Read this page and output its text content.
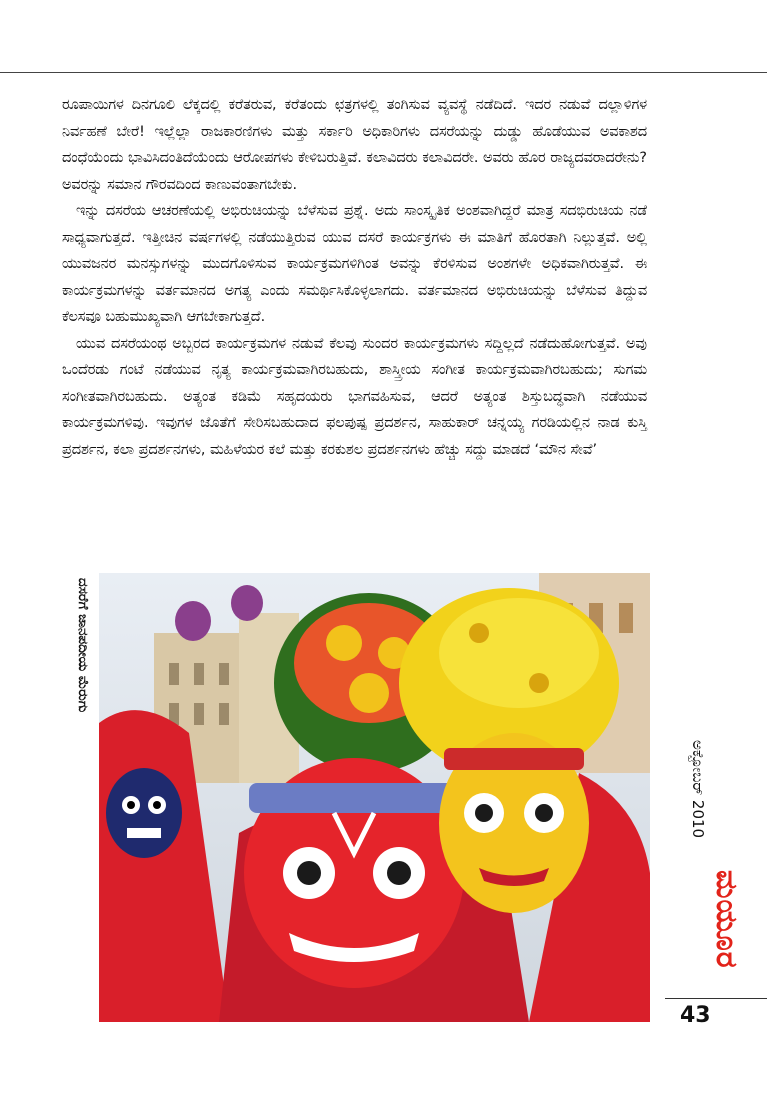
ರೂಪಾಯಿಗಳ ದಿನಗೂಲಿ ಲೆಕ್ಕದಲ್ಲಿ ಕರೆತರುವ, ಕರೆತಂದು ಛತ್ರಗಳಲ್ಲಿ ತಂಗಿಸುವ ವ್ಯವಸ್ಥೆ ನಡೆದಿದೆ. ಇದರ ನಡುವೆ ದಲ್ಲಾಳಿಗಳ ನಿರ್ವಹಣೆ ಬೇರೆ! ಇಲ್ಲೆಲ್ಲಾ ರಾಜಕಾರಣಿಗಳು ಮತ್ತು ಸರ್ಕಾರಿ ಅಧಿಕಾರಿಗಳು ದಸರೆಯನ್ನು ದುಡ್ಡು ಹೊಡೆಯುವ ಅವಕಾಶದ ದಂಧೆಯೆಂದು ಭಾವಿಸಿದಂತಿದೆಯೆಂದು ಆರೋಪಗಳು ಕೇಳಿಬರುತ್ತಿವೆ. ಕಲಾವಿದರು ಕಲಾವಿದರೇ. ಅವರು ಹೊರ ರಾಜ್ಯದವರಾದರೇನು? ಅವರನ್ನು ಸಮಾನ ಗೌರವದಿಂದ ಕಾಣುವಂತಾಗಬೇಕು.

ಇನ್ನು ದಸರೆಯ ಆಚರಣೆಯಲ್ಲಿ ಅಭಿರುಚಿಯನ್ನು ಬೆಳೆಸುವ ಪ್ರಶ್ನೆ. ಅದು ಸಾಂಸ್ಕೃತಿಕ ಅಂಶವಾಗಿದ್ದರೆ ಮಾತ್ರ ಸದಭಿರುಚಿಯ ನಡೆ ಸಾಧ್ಯವಾಗುತ್ತದೆ. ಇತ್ತೀಚಿನ ವರ್ಷಗಳಲ್ಲಿ ನಡೆಯುತ್ತಿರುವ ಯುವ ದಸರೆ ಕಾರ್ಯಕ್ರಗಳು ಈ ಮಾತಿಗೆ ಹೊರತಾಗಿ ನಿಲ್ಲುತ್ತವೆ. ಅಲ್ಲಿ ಯುವಜನರ ಮನಸ್ಸುಗಳನ್ನು ಮುದಗೊಳಿಸುವ ಕಾರ್ಯಕ್ರಮಗಳಿಗಿಂತ ಅವನ್ನು ಕೆರಳಿಸುವ ಅಂಶಗಳೇ ಅಧಿಕವಾಗಿರುತ್ತವೆ. ಈ ಕಾರ್ಯಕ್ರಮಗಳನ್ನು ವರ್ತಮಾನದ ಅಗತ್ಯ ಎಂದು ಸಮರ್ಥಿಸಿಕೊಳ್ಳಲಾಗದು. ವರ್ತಮಾನದ ಅಭಿರುಚಿಯನ್ನು ಬೆಳೆಸುವ ತಿದ್ದುವ ಕೆಲಸವೂ ಬಹುಮುಖ್ಯವಾಗಿ ಆಗಬೇಕಾಗುತ್ತದೆ.

ಯುವ ದಸರೆಯಂಥ ಅಬ್ಬರದ ಕಾರ್ಯಕ್ರಮಗಳ ನಡುವೆ ಕೆಲವು ಸುಂದರ ಕಾರ್ಯಕ್ರಮಗಳು ಸದ್ದಿಲ್ಲದೆ ನಡೆದುಹೋಗುತ್ತವೆ. ಅವು ಒಂದೆರಡು ಗಂಟೆ ನಡೆಯುವ ನೃತ್ಯ ಕಾರ್ಯಕ್ರಮವಾಗಿರಬಹುದು, ಶಾಸ್ತ್ರೀಯ ಸಂಗೀತ ಕಾರ್ಯಕ್ರಮವಾಗಿರಬಹುದು; ಸುಗಮ ಸಂಗೀತವಾಗಿರಬಹುದು. ಅತ್ಯಂತ ಕಡಿಮೆ ಸಹೃದಯರು ಭಾಗವಹಿಸುವ, ಆದರೆ ಅತ್ಯಂತ ಶಿಸ್ತುಬದ್ಧವಾಗಿ ನಡೆಯುವ ಕಾರ್ಯಕ್ರಮಗಳಿವು. ಇವುಗಳ ಜೊತೆಗೆ ಸೇರಿಸಬಹುದಾದ ಫಲಪುಷ್ಪ ಪ್ರದರ್ಶನ, ಸಾಹುಕಾರ್ ಚನ್ನಯ್ಯ ಗರಡಿಯಲ್ಲಿನ ನಾಡ ಕುಸ್ತಿ ಪ್ರದರ್ಶನ, ಕಲಾ ಪ್ರದರ್ಶನಗಳು, ಮಹಿಳೆಯರ ಕಲೆ ಮತ್ತು ಕರಕುಶಲ ಪ್ರದರ್ಶನಗಳು ಹೆಚ್ಚು ಸದ್ದು ಮಾಡದೆ ‘ಮೌನ ಸೇವೆ’

ದಸರೆಗೆ ಜಾನಪದೀಯ ಮೆರುಗು
ಅಕ್ಟೋಬರ್ 2010
ಮಯೂರ
43
